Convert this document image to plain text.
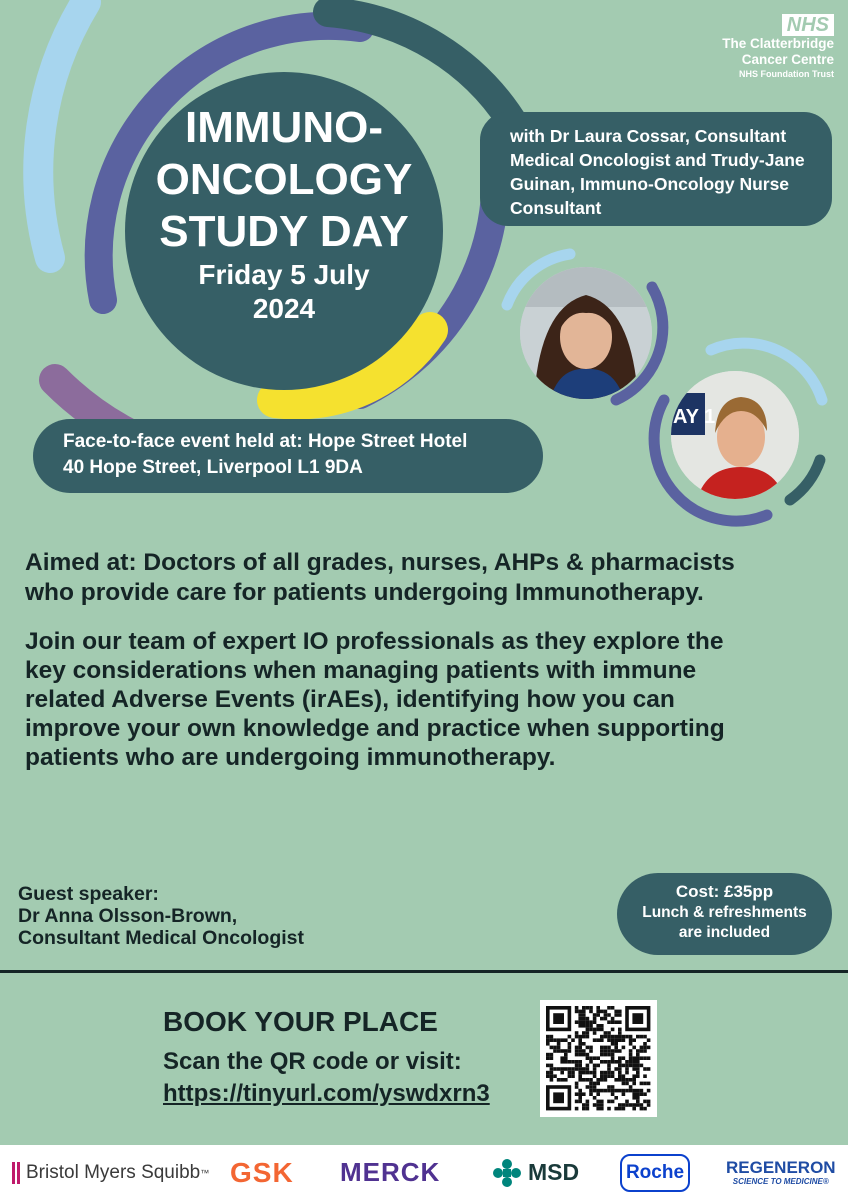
NHS
The Clatterbridge
Cancer Centre
NHS Foundation Trust
IMMUNO-
ONCOLOGY
STUDY DAY
Friday 5 July
2024
with Dr Laura Cossar, Consultant Medical Oncologist and Trudy-Jane Guinan, Immuno-Oncology Nurse Consultant
AY 1
Face-to-face event held at: Hope Street Hotel
40 Hope Street, Liverpool L1 9DA
Aimed at: Doctors of all grades, nurses, AHPs & pharmacists
who provide care for patients undergoing Immunotherapy.
Join our team of expert IO professionals as they explore the
key considerations when managing patients with immune
related Adverse Events (irAEs), identifying how you can
improve your own knowledge and practice when supporting
patients who are undergoing immunotherapy.
Guest speaker:
Dr Anna Olsson-Brown,
Consultant Medical Oncologist
Cost: £35pp
Lunch & refreshments
are included
BOOK YOUR PLACE
Scan the QR code or visit:
https://tinyurl.com/yswdxrn3
Bristol Myers Squibb ™ GSK MERCK	MSD	Roche	REGENERON
SCIENCE TO MEDICINE®
